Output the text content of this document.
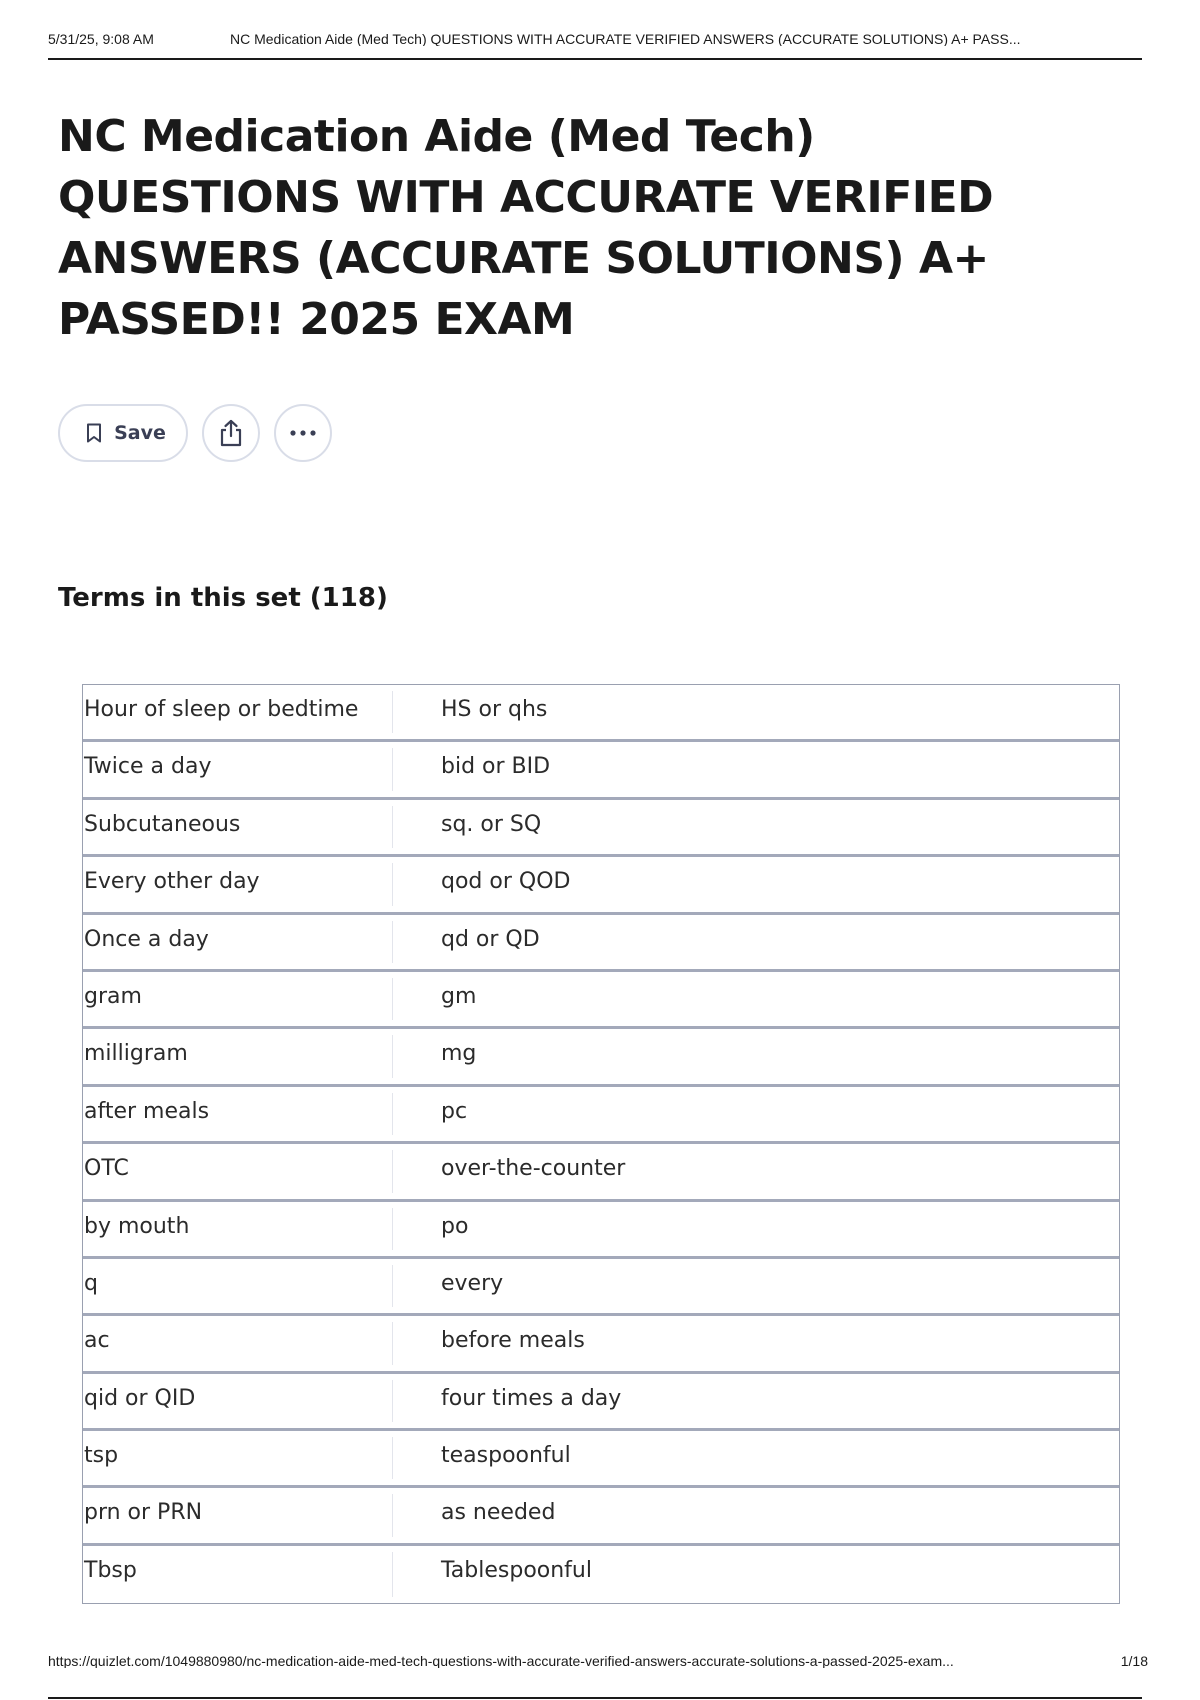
5/31/25, 9:08 AM	NC Medication Aide (Med Tech) QUESTIONS WITH ACCURATE VERIFIED ANSWERS (ACCURATE SOLUTIONS) A+ PASS...
NC Medication Aide (Med Tech) QUESTIONS WITH ACCURATE VERIFIED ANSWERS (ACCURATE SOLUTIONS) A+ PASSED!! 2025 EXAM
Save
Terms in this set (118)
Hour of sleep or bedtime	HS or qhs
Twice a day	bid or BID
Subcutaneous	sq. or SQ
Every other day	qod or QOD
Once a day	qd or QD
gram	gm
milligram	mg
after meals	pc
OTC	over-the-counter
by mouth	po
q	every
ac	before meals
qid or QID	four times a day
tsp	teaspoonful
prn or PRN	as needed
Tbsp	Tablespoonful
https://quizlet.com/1049880980/nc-medication-aide-med-tech-questions-with-accurate-verified-answers-accurate-solutions-a-passed-2025-exam...	1/18
